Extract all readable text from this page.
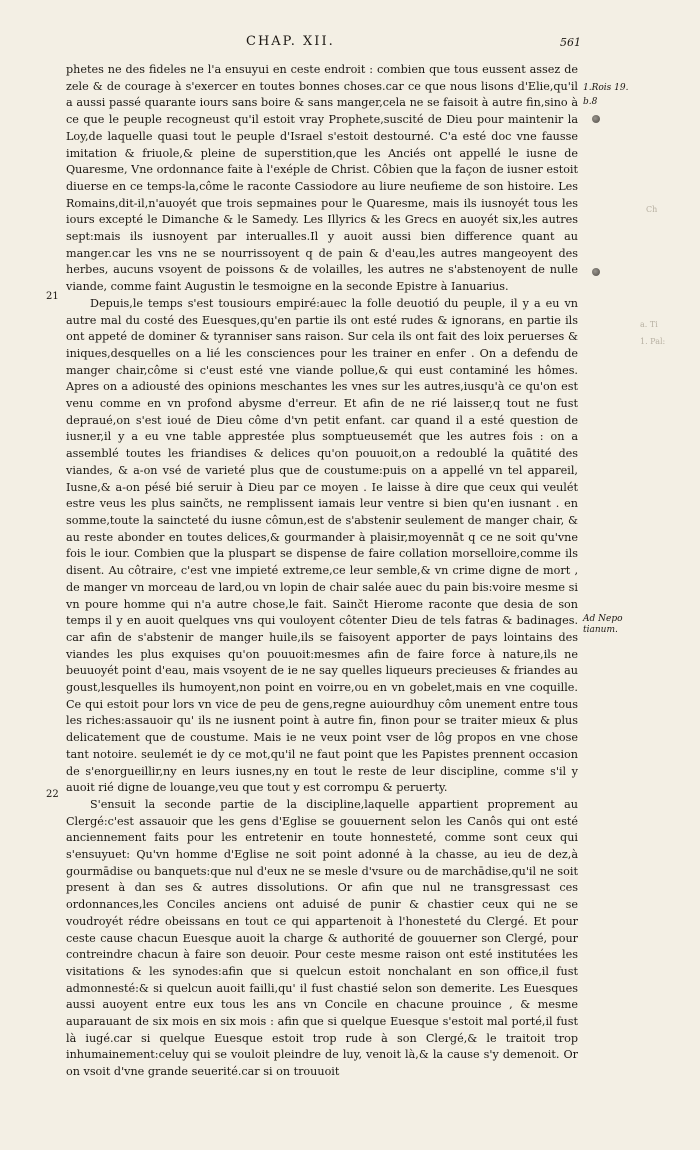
CHAP. XII.	561
21
22
1.Rois 19.
b.8
Ad Nepo tianum.
Ch
a. Ti
1. Pal:

phetes ne des fideles ne l'a ensuyui en ceste endroit : combien que tous eussent assez de zele & de courage à s'exercer en toutes bonnes choses.car ce que nous lisons d'Elie,qu'il a aussi passé quarante iours sans boire & sans manger,cela ne se faisoit à autre fin,sino à ce que le peuple recogneust qu'il estoit vray Prophete,suscité de Dieu pour maintenir la Loy,de laquelle quasi tout le peuple d'Israel s'estoit destourné. C'a esté doc vne fausse imitation & friuole,& pleine de superstition,que les Anciés ont appellé le iusne de Quaresme, Vne ordonnance faite à l'exéple de Christ. Côbien que la façon de iusner estoit diuerse en ce temps-la,côme le raconte Cassiodore au liure neufieme de son histoire. Les Romains,dit-il,n'auoyét que trois sepmaines pour le Quaresme, mais ils iusnoyét tous les iours excepté le Dimanche & le Samedy. Les Illyrics & les Grecs en auoyét six,les autres sept:mais ils iusnoyent par interualles.Il y auoit aussi bien difference quant au manger.car les vns ne se nourrissoyent q de pain & d'eau,les autres mangeoyent des herbes, aucuns vsoyent de poissons & de volailles, les autres ne s'abstenoyent de nulle viande, comme faint Augustin le tesmoigne en la seconde Epistre à Ianuarius.

Depuis,le temps s'est tousiours empiré:auec la folle deuotió du peuple, il y a eu vn autre mal du costé des Euesques,qu'en partie ils ont esté rudes & ignorans, en partie ils ont appeté de dominer & tyranniser sans raison. Sur cela ils ont fait des loix peruerses & iniques,desquelles on a lié les consciences pour les trainer en enfer . On a defendu de manger chair,côme si c'eust esté vne viande pollue,& qui eust contaminé les hômes. Apres on a adiousté des opinions meschantes les vnes sur les autres,iusqu'à ce qu'on est venu comme en vn profond abysme d'erreur. Et afin de ne rié laisser,q tout ne fust depraué,on s'est ioué de Dieu côme d'vn petit enfant. car quand il a esté question de iusner,il y a eu vne table apprestée plus somptueusemét que les autres fois : on a assemblé toutes les friandises & delices qu'on pouuoit,on a redoublé la quātité des viandes, & a-on vsé de varieté plus que de coustume:puis on a appellé vn tel appareil, Iusne,& a-on pésé bié seruir à Dieu par ce moyen . Ie laisse à dire que ceux qui veulét estre veus les plus sainčts, ne remplissent iamais leur ventre si bien qu'en iusnant . en somme,toute la saincteté du iusne cômun,est de s'abstenir seulement de manger chair, & au reste abonder en toutes delices,& gourmander à plaisir,moyennāt q ce ne soit qu'vne fois le iour. Combien que la pluspart se dispense de faire collation morselloire,comme ils disent. Au côtraire, c'est vne impieté extreme,ce leur semble,& vn crime digne de mort , de manger vn morceau de lard,ou vn lopin de chair salée auec du pain bis:voire mesme si vn poure homme qui n'a autre chose,le fait. Sainčt Hierome raconte que desia de son temps il y en auoit quelques vns qui vouloyent côtenter Dieu de tels fatras & badinages. car afin de s'abstenir de manger huile,ils se faisoyent apporter de pays lointains des viandes les plus exquises qu'on pouuoit:mesmes afin de faire force à nature,ils ne beuuoyét point d'eau, mais vsoyent de ie ne say quelles liqueurs precieuses & friandes au goust,lesquelles ils humoyent,non point en voirre,ou en vn gobelet,mais en vne coquille. Ce qui estoit pour lors vn vice de peu de gens,regne auiourdhuy côm unement entre tous les riches:assauoir qu' ils ne iusnent point à autre fin, finon pour se traiter mieux & plus delicatement que de coustume. Mais ie ne veux point vser de lôg propos en vne chose tant notoire. seulemét ie dy ce mot,qu'il ne faut point que les Papistes prennent occasion de s'enorgueillir,ny en leurs iusnes,ny en tout le reste de leur discipline, comme s'il y auoit rié digne de louange,veu que tout y est corrompu & peruerty.

S'ensuit la seconde partie de la discipline,laquelle appartient proprement au Clergé:c'est assauoir que les gens d'Eglise se gouuernent selon les Canôs qui ont esté anciennement faits pour les entretenir en toute honnesteté, comme sont ceux qui s'ensuyuet: Qu'vn homme d'Eglise ne soit point adonné à la chasse, au ieu de dez,à gourmādise ou banquets:que nul d'eux ne se mesle d'vsure ou de marchādise,qu'il ne soit present à dan ses & autres dissolutions. Or afin que nul ne transgressast ces ordonnances,les Conciles anciens ont aduisé de punir & chastier ceux qui ne se voudroyét rédre obeissans en tout ce qui appartenoit à l'honesteté du Clergé. Et pour ceste cause chacun Euesque auoit la charge & authorité de gouuerner son Clergé, pour contreindre chacun à faire son deuoir. Pour ceste mesme raison ont esté institutées les visitations & les synodes:afin que si quelcun estoit nonchalant en son office,il fust admonnesté:& si quelcun auoit failli,qu' il fust chastié selon son demerite. Les Euesques aussi auoyent entre eux tous les ans vn Concile en chacune prouince , & mesme auparauant de six mois en six mois : afin que si quelque Euesque s'estoit mal porté,il fust là iugé.car si quelque Euesque estoit trop rude à son Clergé,& le traitoit trop inhumainement:celuy qui se vouloit pleindre de luy, venoit là,& la cause s'y demenoit. Or on vsoit d'vne grande seuerité.car si on trouuoit
